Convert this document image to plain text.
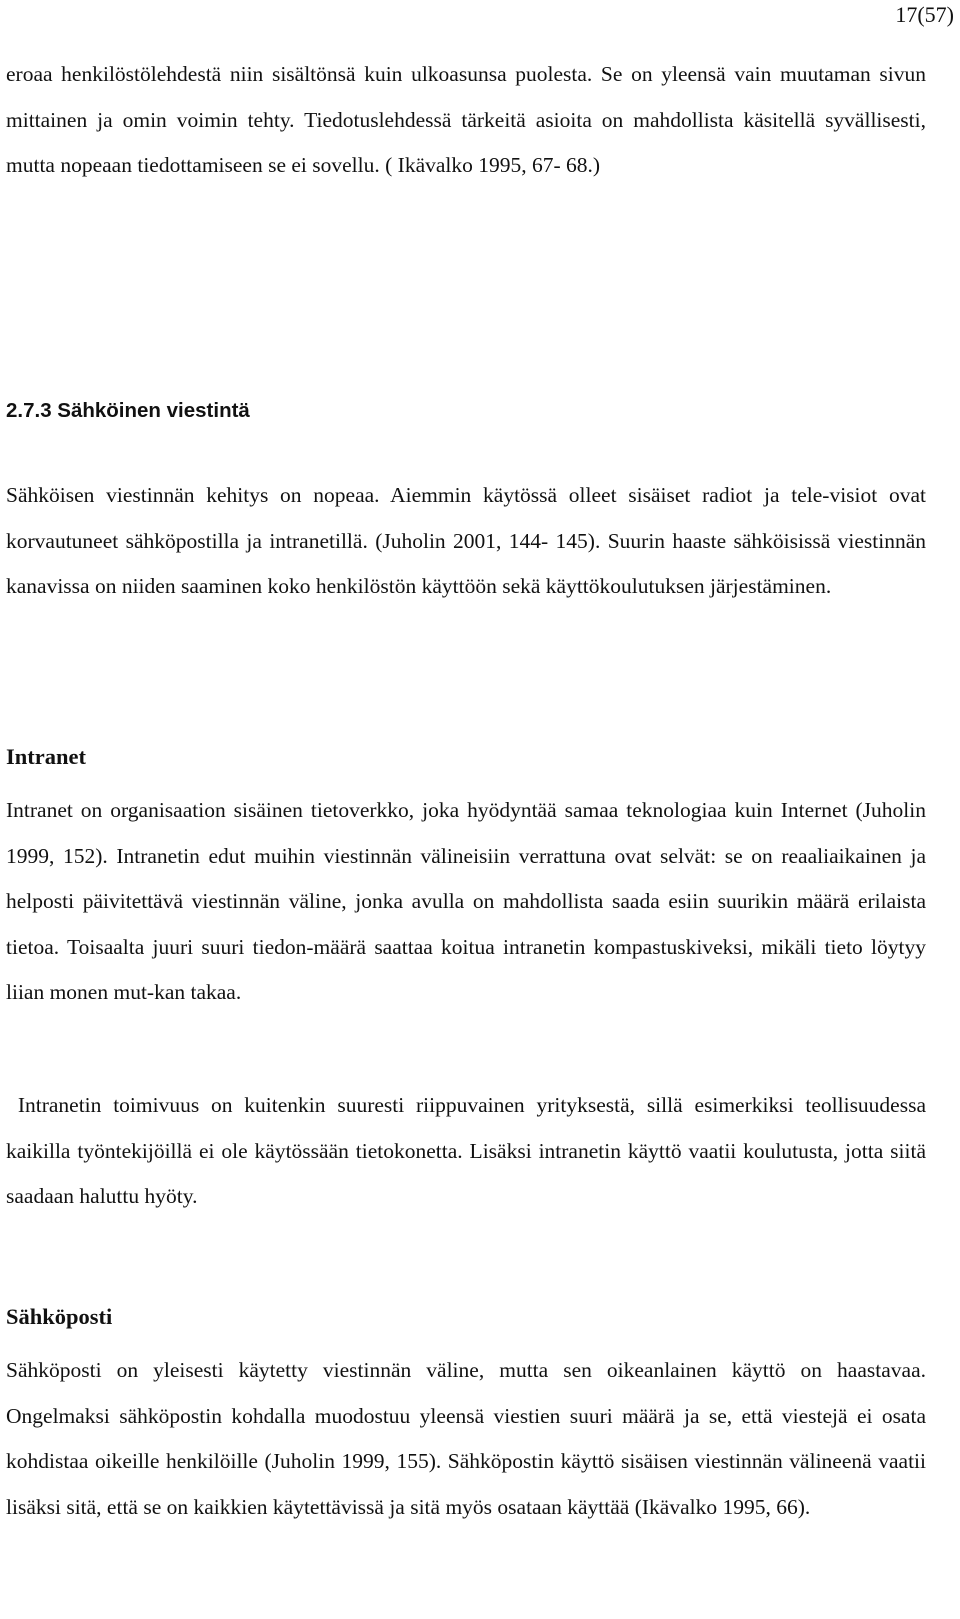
17(57)

eroaa henkilöstölehdestä niin sisältönsä kuin ulkoasunsa puolesta. Se on yleensä vain muutaman sivun mittainen ja omin voimin tehty. Tiedotuslehdessä tärkeitä asioita on mahdollista käsitellä syvällisesti, mutta nopeaan tiedottamiseen se ei sovellu. ( Ikävalko 1995, 67- 68.)

2.7.3 Sähköinen viestintä

Sähköisen viestinnän kehitys on nopeaa. Aiemmin käytössä olleet sisäiset radiot ja tele-visiot ovat korvautuneet sähköpostilla ja intranetillä. (Juholin 2001, 144- 145). Suurin haaste sähköisissä viestinnän kanavissa on niiden saaminen koko henkilöstön käyttöön sekä käyttökoulutuksen järjestäminen.

Intranet

Intranet on organisaation sisäinen tietoverkko, joka hyödyntää samaa teknologiaa kuin Internet (Juholin 1999, 152). Intranetin edut muihin viestinnän välineisiin verrattuna ovat selvät: se on reaaliaikainen ja helposti päivitettävä viestinnän väline, jonka avulla on mahdollista saada esiin suurikin määrä erilaista tietoa. Toisaalta juuri suuri tiedon-määrä saattaa koitua intranetin kompastuskiveksi, mikäli tieto löytyy liian monen mut-kan takaa.

Intranetin toimivuus on kuitenkin suuresti riippuvainen yrityksestä, sillä esimerkiksi teollisuudessa kaikilla työntekijöillä ei ole käytössään tietokonetta. Lisäksi intranetin käyttö vaatii koulutusta, jotta siitä saadaan haluttu hyöty.

Sähköposti

Sähköposti on yleisesti käytetty viestinnän väline, mutta sen oikeanlainen käyttö on haastavaa. Ongelmaksi sähköpostin kohdalla muodostuu yleensä viestien suuri määrä ja se, että viestejä ei osata kohdistaa oikeille henkilöille (Juholin 1999, 155). Sähköpostin käyttö sisäisen viestinnän välineenä vaatii lisäksi sitä, että se on kaikkien käytettävissä ja sitä myös osataan käyttää (Ikävalko 1995, 66).
